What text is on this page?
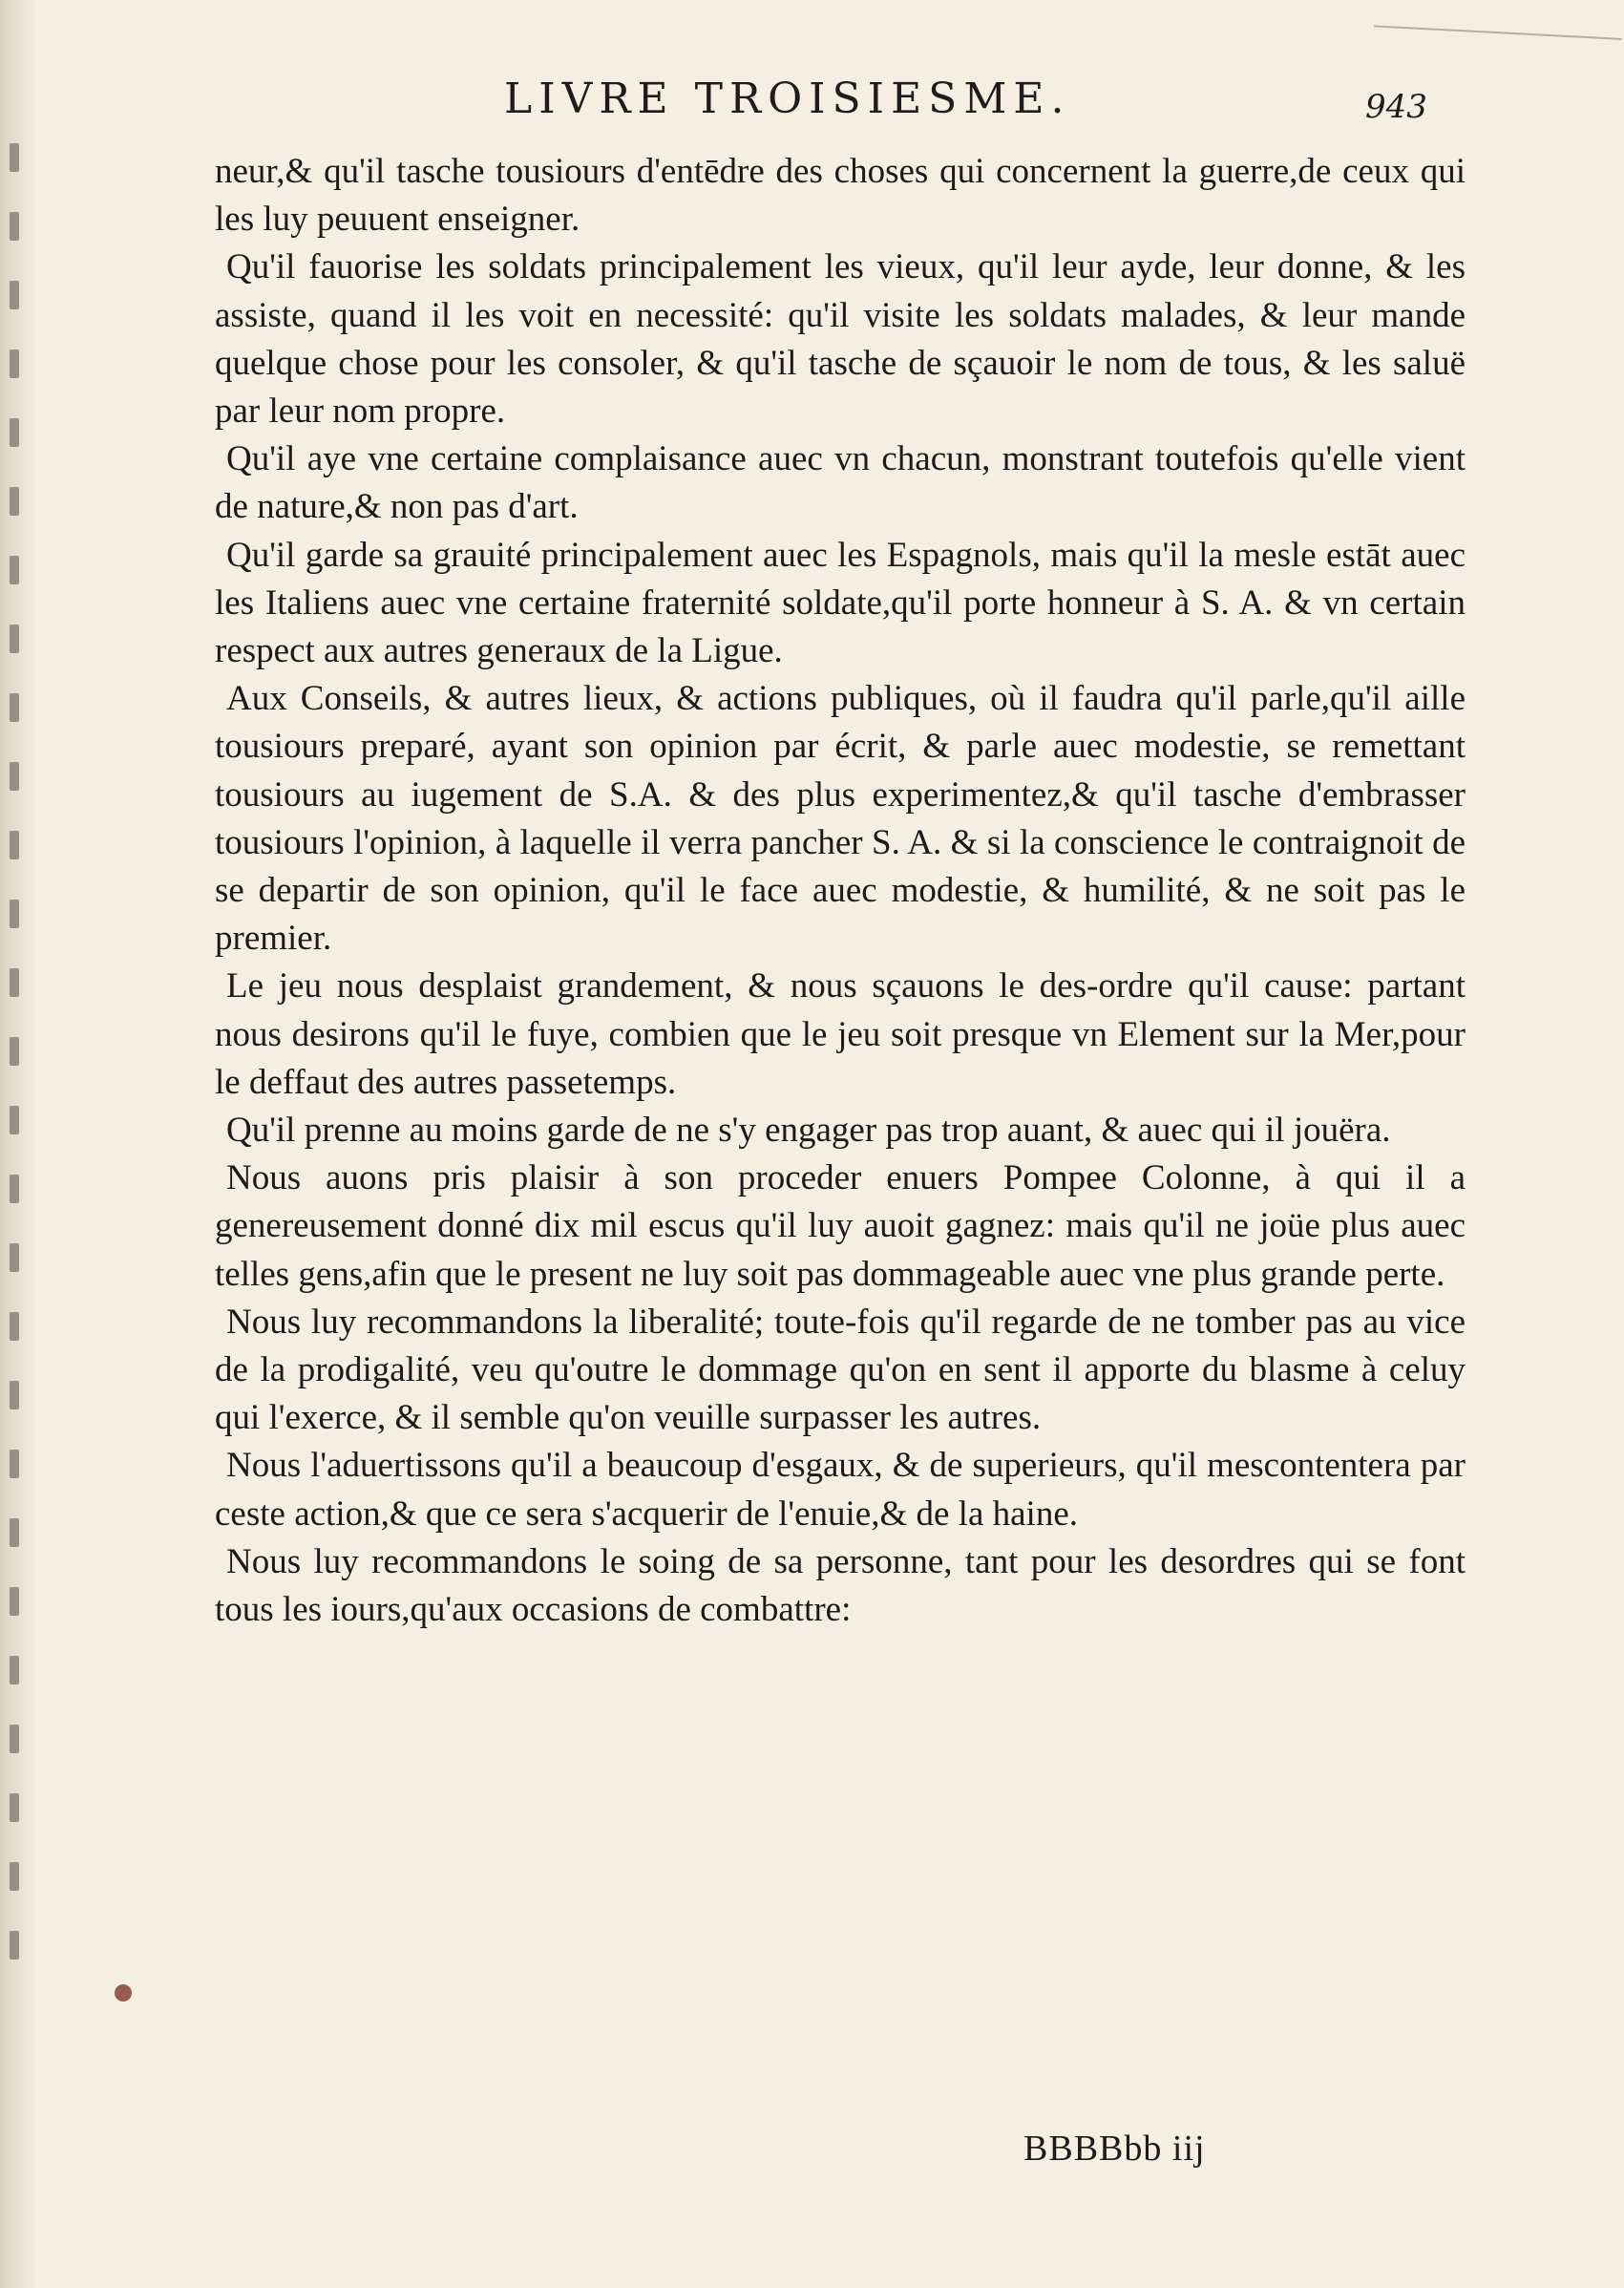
LIVRE TROISIESME.	943

neur,& qu'il tasche tousiours d'entēdre des choses qui concernent la guerre,de ceux qui les luy peuuent enseigner.

Qu'il fauorise les soldats principalement les vieux, qu'il leur ayde, leur donne, & les assiste, quand il les voit en necessité: qu'il visite les soldats malades, & leur mande quelque chose pour les consoler, & qu'il tasche de sçauoir le nom de tous, & les saluë par leur nom propre.

Qu'il aye vne certaine complaisance auec vn chacun, monstrant toutefois qu'elle vient de nature,& non pas d'art.

Qu'il garde sa grauité principalement auec les Espagnols, mais qu'il la mesle estāt auec les Italiens auec vne certaine fraternité soldate,qu'il porte honneur à S. A. & vn certain respect aux autres generaux de la Ligue.

Aux Conseils, & autres lieux, & actions publiques, où il faudra qu'il parle,qu'il aille tousiours preparé, ayant son opinion par écrit, & parle auec modestie, se remettant tousiours au iugement de S.A. & des plus experimentez,& qu'il tasche d'embrasser tousiours l'opinion, à laquelle il verra pancher S. A. & si la conscience le contraignoit de se departir de son opinion, qu'il le face auec modestie, & humilité, & ne soit pas le premier.

Le jeu nous desplaist grandement, & nous sçauons le des-ordre qu'il cause: partant nous desirons qu'il le fuye, combien que le jeu soit presque vn Element sur la Mer,pour le deffaut des autres passetemps.

Qu'il prenne au moins garde de ne s'y engager pas trop auant, & auec qui il jouëra.

Nous auons pris plaisir à son proceder enuers Pompee Colonne, à qui il a genereusement donné dix mil escus qu'il luy auoit gagnez: mais qu'il ne joüe plus auec telles gens,afin que le present ne luy soit pas dommageable auec vne plus grande perte.

Nous luy recommandons la liberalité; toute-fois qu'il regarde de ne tomber pas au vice de la prodigalité, veu qu'outre le dommage qu'on en sent il apporte du blasme à celuy qui l'exerce, & il semble qu'on veuille surpasser les autres.

Nous l'aduertissons qu'il a beaucoup d'esgaux, & de superieurs, qu'il mescontentera par ceste action,& que ce sera s'acquerir de l'enuie,& de la haine.

Nous luy recommandons le soing de sa personne, tant pour les desordres qui se font tous les iours,qu'aux occasions de combattre:

BBBBbb iij
